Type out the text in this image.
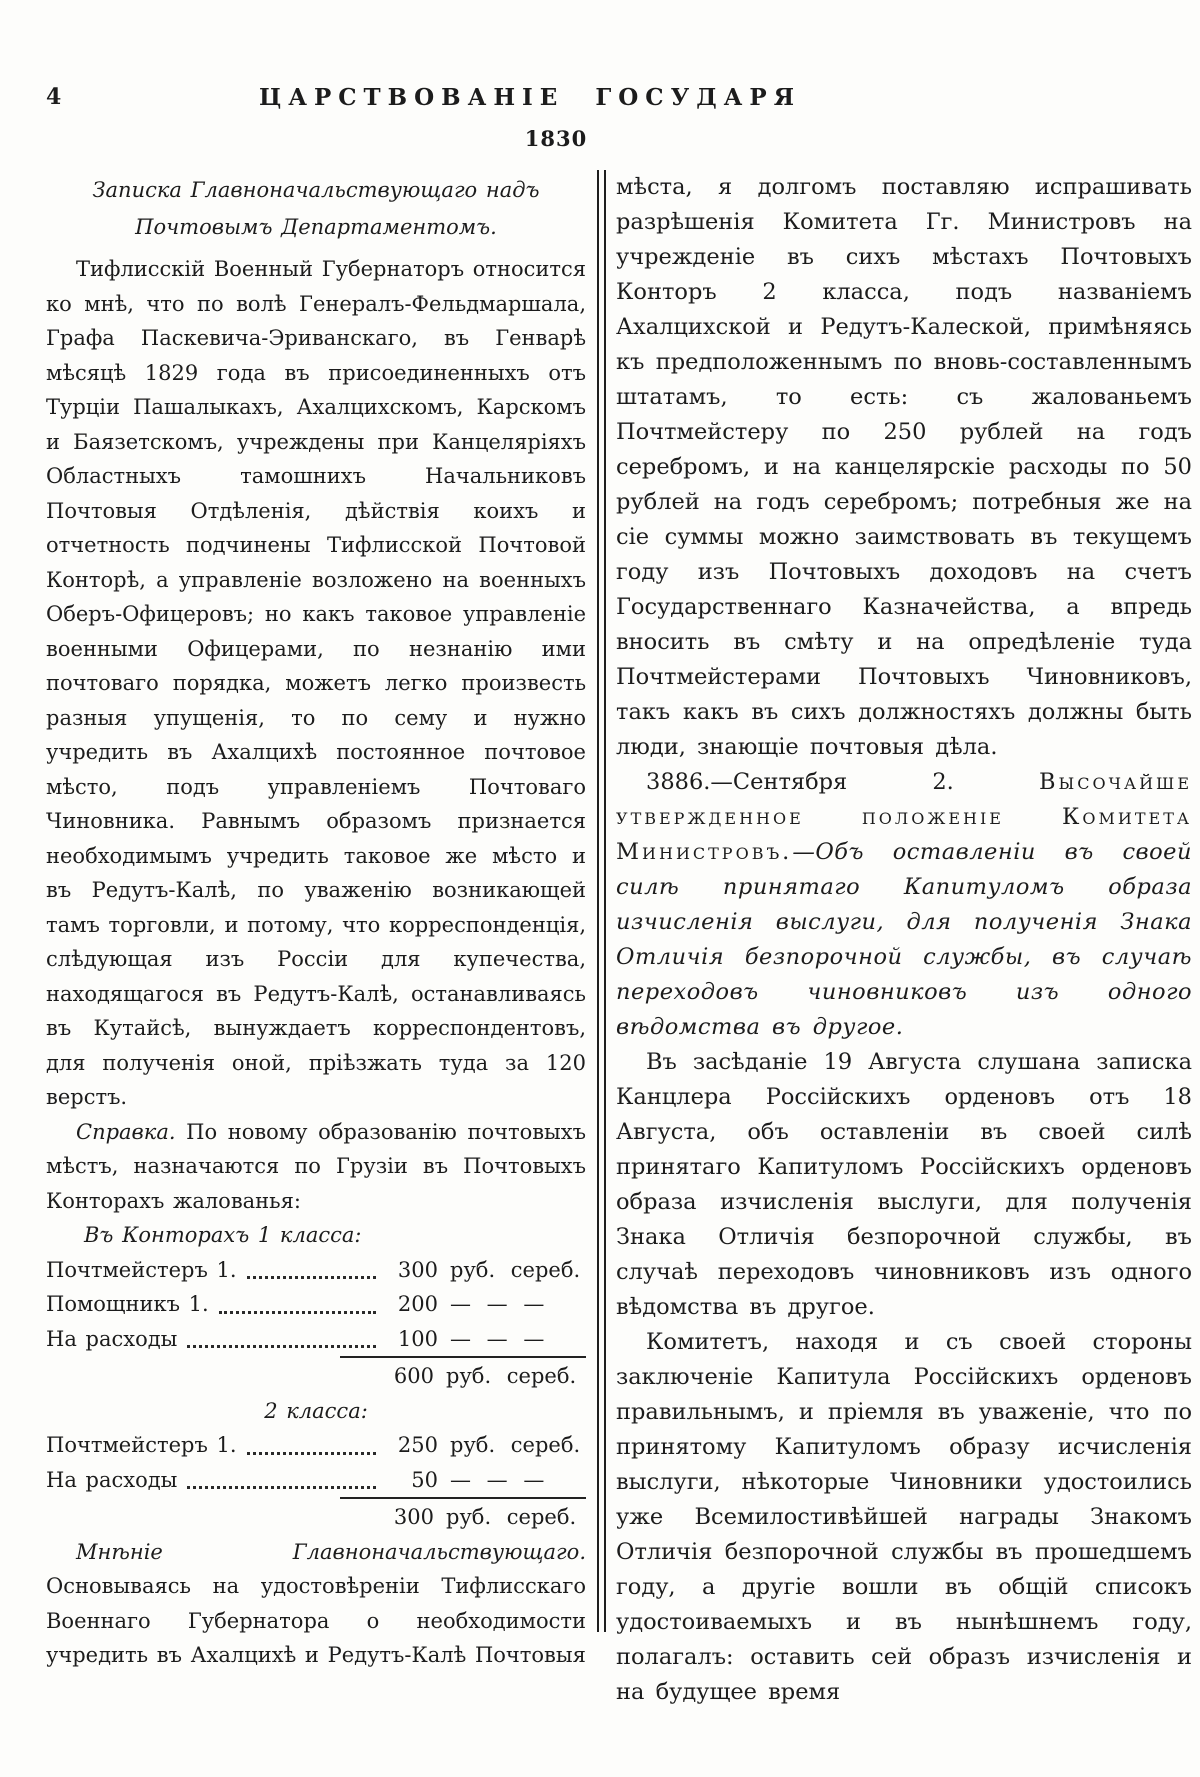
4	ЦАРСТВОВАНІЕ ГОСУДАРЯ
1830
Записка Главноначальствующаго надъ
Почтовымъ Департаментомъ.

Тифлисскій Военный Губернаторъ относится ко мнѣ, что по волѣ Генералъ-Фельдмаршала, Графа Паскевича-Эриванскаго, въ Генварѣ мѣсяцѣ 1829 года въ присоединенныхъ отъ Турціи Пашалыкахъ, Ахалцихскомъ, Карскомъ и Баязетскомъ, учреждены при Канцеляріяхъ Областныхъ тамошнихъ Начальниковъ Почтовыя Отдѣленія, дѣйствія коихъ и отчетность подчинены Тифлисской Почтовой Конторѣ, а управленіе возложено на военныхъ Оберъ-Офицеровъ; но какъ таковое управленіе военными Офицерами, по незнанію ими почтоваго порядка, можетъ легко произвесть разныя упущенія, то по сему и нужно учредить въ Ахалцихѣ постоянное почтовое мѣсто, подъ управленіемъ Почтоваго Чиновника. Равнымъ образомъ признается необходимымъ учредить таковое же мѣсто и въ Редутъ-Калѣ, по уваженію возникающей тамъ торговли, и потому, что корреспонденція, слѣдующая изъ Россіи для купечества, находящагося въ Редутъ-Калѣ, останавливаясь въ Кутайсѣ, вынуждаетъ корреспондентовъ, для полученія оной, пріѣзжать туда за 120 верстъ.

Справка. По новому образованію почтовыхъ мѣстъ, назначаются по Грузіи въ Почтовыхъ Конторахъ жалованья:

Въ Конторахъ 1 класса:

Почтмейстеръ 1.	300 руб. сереб.
Помощникъ 1.	200 — — —
На расходы	100 — — —
600 руб. сереб.

2 класса:

Почтмейстеръ 1.	250 руб. сереб.
На расходы	50 — — —
300 руб. сереб.

Мнѣніе Главноначальствующаго. Основываясь на удостовѣреніи Тифлисскаго Военнаго Губернатора о необходимости учредить въ Ахалцихѣ и Редутъ-Калѣ Почтовыя

мѣста, я долгомъ поставляю испрашивать разрѣшенія Комитета Гг. Министровъ на учрежденіе въ сихъ мѣстахъ Почтовыхъ Конторъ 2 класса, подъ названіемъ Ахалцихской и Редутъ-Калеской, примѣняясь къ предположеннымъ по вновь-составленнымъ штатамъ, то есть: съ жалованьемъ Почтмейстеру по 250 рублей на годъ серебромъ, и на канцелярскіе расходы по 50 рублей на годъ серебромъ; потребныя же на сіе суммы можно заимствовать въ текущемъ году изъ Почтовыхъ доходовъ на счетъ Государственнаго Казначейства, а впредь вносить въ смѣту и на опредѣленіе туда Почтмейстерами Почтовыхъ Чиновниковъ, такъ какъ въ сихъ должностяхъ должны быть люди, знающіе почтовыя дѣла.

3886.—Сентября 2. Высочайше утвержденное положеніе Комитета Министровъ.—Объ оставленіи въ своей силѣ принятаго Капитуломъ образа изчисленія выслуги, для полученія Знака Отличія безпорочной службы, въ случаѣ переходовъ чиновниковъ изъ одного вѣдомства въ другое.

Въ засѣданіе 19 Августа слушана записка Канцлера Россійскихъ орденовъ отъ 18 Августа, объ оставленіи въ своей силѣ принятаго Капитуломъ Россійскихъ орденовъ образа изчисленія выслуги, для полученія Знака Отличія безпорочной службы, въ случаѣ переходовъ чиновниковъ изъ одного вѣдомства въ другое.

Комитетъ, находя и съ своей стороны заключеніе Капитула Россійскихъ орденовъ правильнымъ, и пріемля въ уваженіе, что по принятому Капитуломъ образу исчисленія выслуги, нѣкоторые Чиновники удостоились уже Всемилостивѣйшей награды Знакомъ Отличія безпорочной службы въ прошедшемъ году, а другіе вошли въ общій списокъ удостоиваемыхъ и въ нынѣшнемъ году, полагалъ: оставить сей образъ изчисленія и на будущее время
